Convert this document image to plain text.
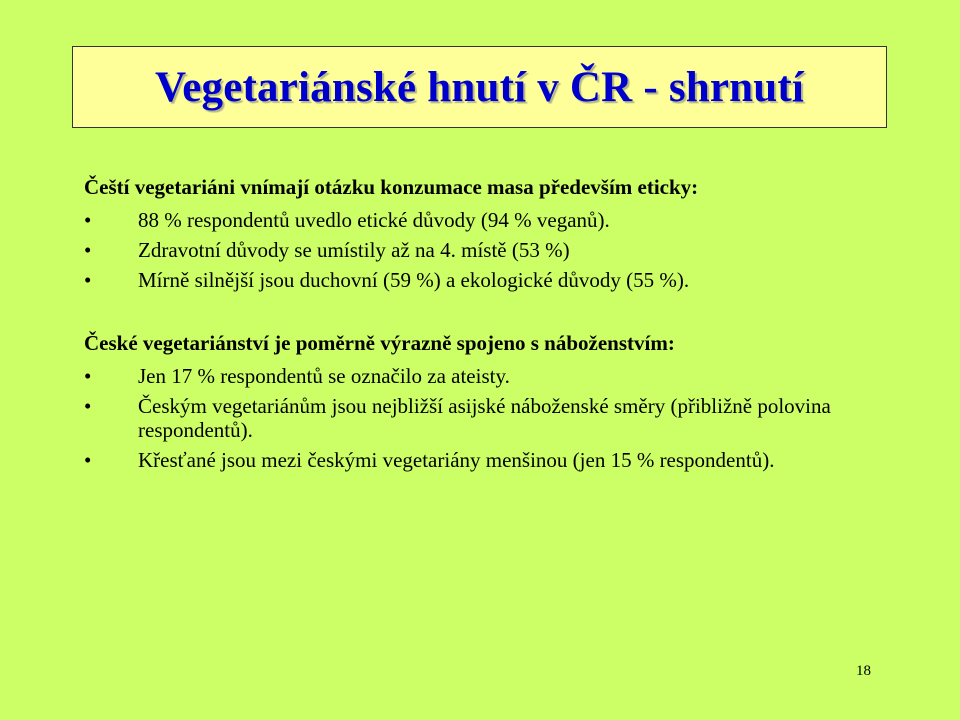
Vegetariánské hnutí v ČR - shrnutí
Čeští vegetariáni vnímají otázku konzumace masa především eticky:
•	88 % respondentů uvedlo etické důvody (94 % veganů).
•	Zdravotní důvody se umístily až na 4. místě (53 %)
•	Mírně silnější jsou duchovní (59 %) a ekologické důvody (55 %).
České vegetariánství je poměrně výrazně spojeno s náboženstvím:
•	Jen 17 % respondentů se označilo za ateisty.
•	Českým vegetariánům jsou nejbližší asijské náboženské směry (přibližně polovina respondentů).
•	Křesťané jsou mezi českými vegetariány menšinou (jen 15 % respondentů).
18
